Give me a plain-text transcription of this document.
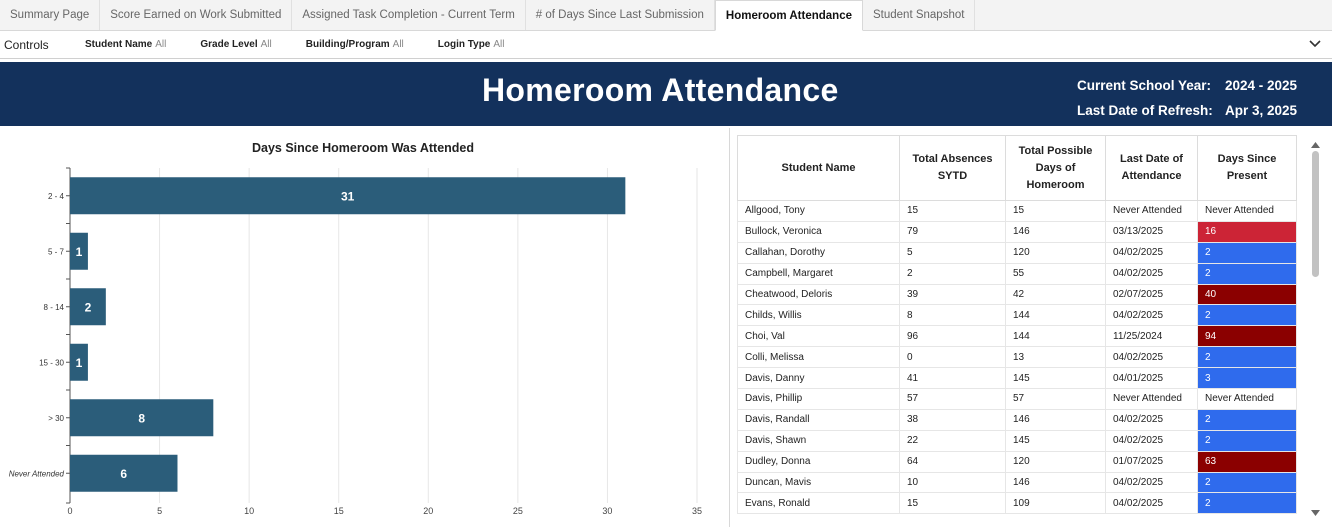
Summary Page	Score Earned on Work Submitted	Assigned Task Completion - Current Term	# of Days Since Last Submission	Homeroom Attendance	Student Snapshot
Controls	Student Name All	Grade Level All	Building/Program All	Login Type All
Homeroom Attendance	Current School Year: 2024 - 2025
Last Date of Refresh: Apr 3, 2025
Days Since Homeroom Was Attended
0	5	10	15	20	25	30	35
2 - 4	31
5 - 7 1
8 - 14 2
15 - 30 1
> 30	8
Never Attended	6
Student Name	Total Absences SYTD	Total Possible Days of Homeroom	Last Date of Attendance	Days Since Present
Allgood, Tony	15	15	Never Attended	Never Attended
Bullock, Veronica	79	146	03/13/2025	16
Callahan, Dorothy	5	120	04/02/2025	2
Campbell, Margaret	2	55	04/02/2025	2
Cheatwood, Deloris	39	42	02/07/2025	40
Childs, Willis	8	144	04/02/2025	2
Choi, Val	96	144	11/25/2024	94
Colli, Melissa	0	13	04/02/2025	2
Davis, Danny	41	145	04/01/2025	3
Davis, Phillip	57	57	Never Attended	Never Attended
Davis, Randall	38	146	04/02/2025	2
Davis, Shawn	22	145	04/02/2025	2
Dudley, Donna	64	120	01/07/2025	63
Duncan, Mavis	10	146	04/02/2025	2
Evans, Ronald	15	109	04/02/2025	2
